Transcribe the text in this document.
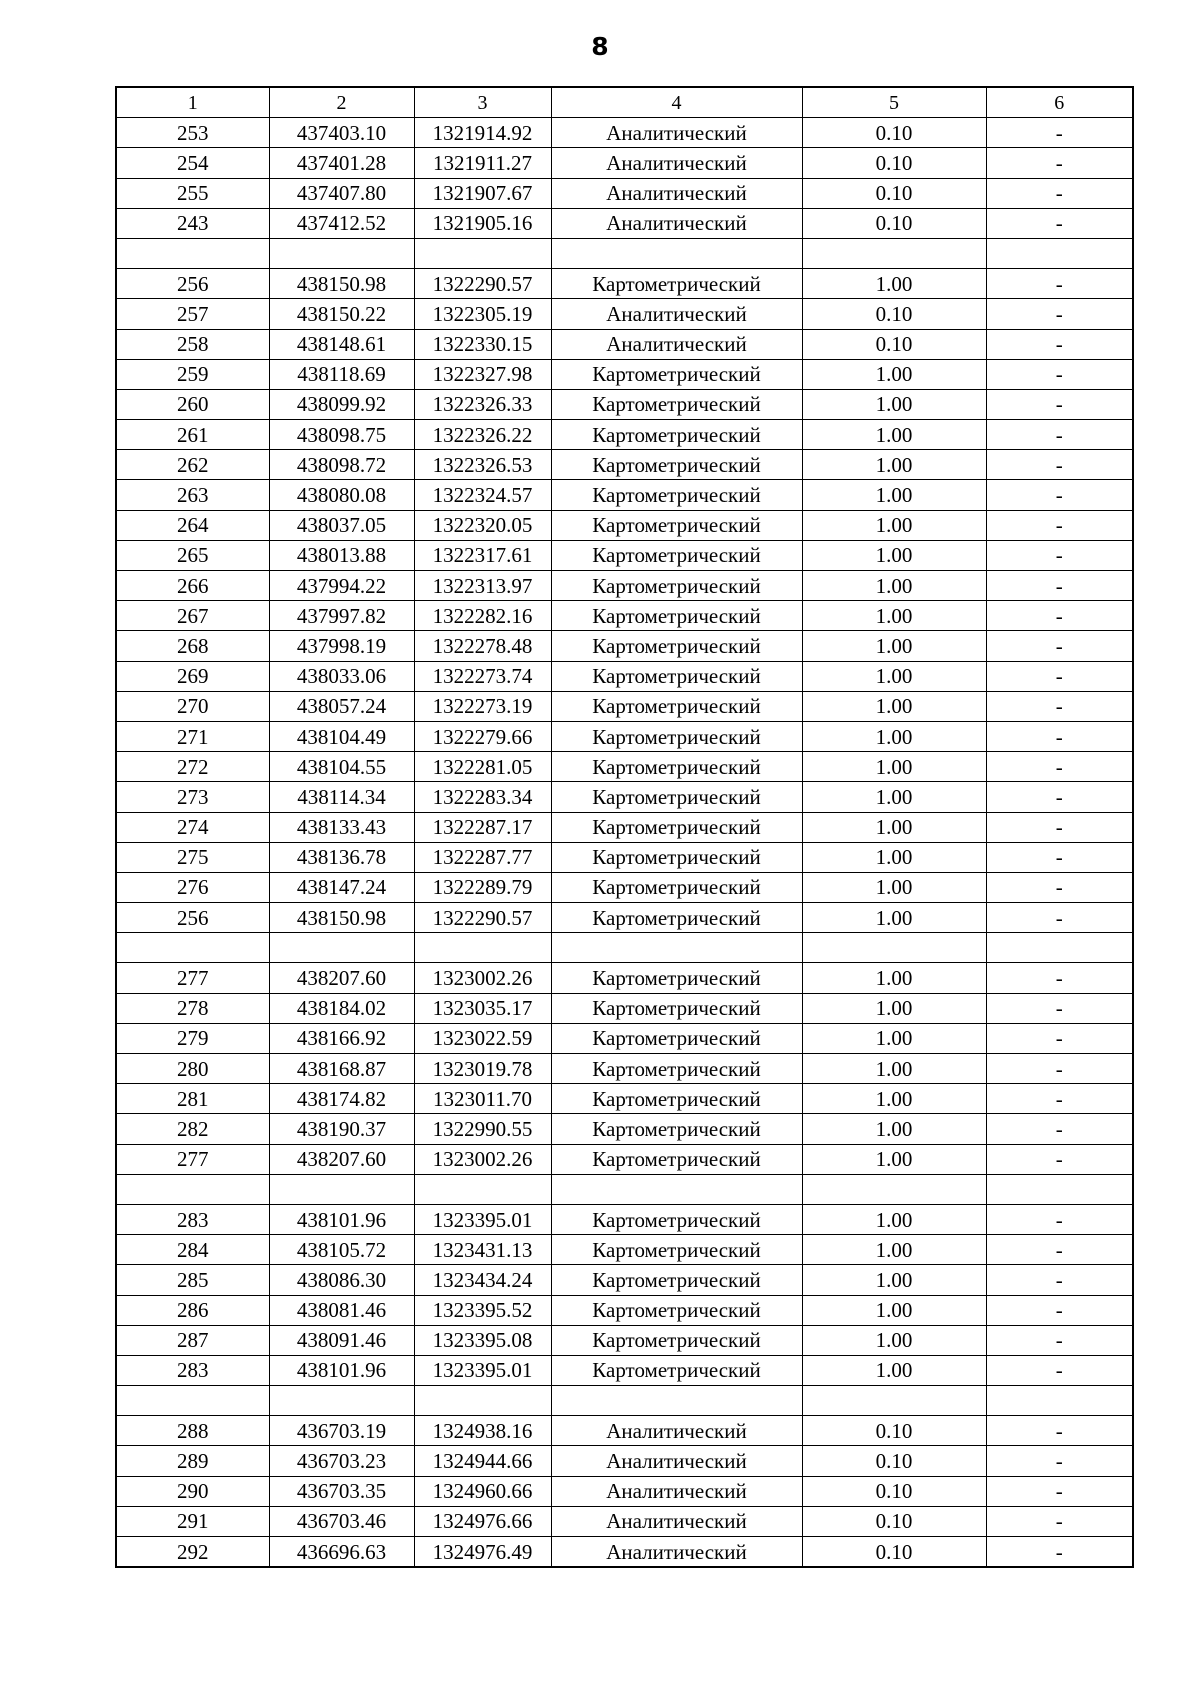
8
1	2	3	4	5	6
253	437403.10	1321914.92	Аналитический	0.10	-
254	437401.28	1321911.27	Аналитический	0.10	-
255	437407.80	1321907.67	Аналитический	0.10	-
243	437412.52	1321905.16	Аналитический	0.10	-

256	438150.98	1322290.57	Картометрический	1.00	-
257	438150.22	1322305.19	Аналитический	0.10	-
258	438148.61	1322330.15	Аналитический	0.10	-
259	438118.69	1322327.98	Картометрический	1.00	-
260	438099.92	1322326.33	Картометрический	1.00	-
261	438098.75	1322326.22	Картометрический	1.00	-
262	438098.72	1322326.53	Картометрический	1.00	-
263	438080.08	1322324.57	Картометрический	1.00	-
264	438037.05	1322320.05	Картометрический	1.00	-
265	438013.88	1322317.61	Картометрический	1.00	-
266	437994.22	1322313.97	Картометрический	1.00	-
267	437997.82	1322282.16	Картометрический	1.00	-
268	437998.19	1322278.48	Картометрический	1.00	-
269	438033.06	1322273.74	Картометрический	1.00	-
270	438057.24	1322273.19	Картометрический	1.00	-
271	438104.49	1322279.66	Картометрический	1.00	-
272	438104.55	1322281.05	Картометрический	1.00	-
273	438114.34	1322283.34	Картометрический	1.00	-
274	438133.43	1322287.17	Картометрический	1.00	-
275	438136.78	1322287.77	Картометрический	1.00	-
276	438147.24	1322289.79	Картометрический	1.00	-
256	438150.98	1322290.57	Картометрический	1.00	-

277	438207.60	1323002.26	Картометрический	1.00	-
278	438184.02	1323035.17	Картометрический	1.00	-
279	438166.92	1323022.59	Картометрический	1.00	-
280	438168.87	1323019.78	Картометрический	1.00	-
281	438174.82	1323011.70	Картометрический	1.00	-
282	438190.37	1322990.55	Картометрический	1.00	-
277	438207.60	1323002.26	Картометрический	1.00	-

283	438101.96	1323395.01	Картометрический	1.00	-
284	438105.72	1323431.13	Картометрический	1.00	-
285	438086.30	1323434.24	Картометрический	1.00	-
286	438081.46	1323395.52	Картометрический	1.00	-
287	438091.46	1323395.08	Картометрический	1.00	-
283	438101.96	1323395.01	Картометрический	1.00	-

288	436703.19	1324938.16	Аналитический	0.10	-
289	436703.23	1324944.66	Аналитический	0.10	-
290	436703.35	1324960.66	Аналитический	0.10	-
291	436703.46	1324976.66	Аналитический	0.10	-
292	436696.63	1324976.49	Аналитический	0.10	-
